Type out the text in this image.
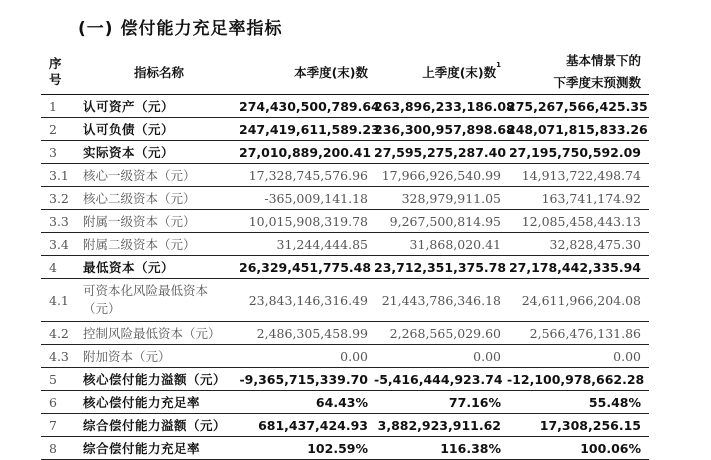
(一) 偿付能力充足率指标
序
号	指标名称	本季度(末)数	上季度(末)数$^1$	基本情景下的
下季度末预测数
1	认可资产（元）	274,430,500,789.64	263,896,233,186.08	275,267,566,425.35
2	认可负债（元）	247,419,611,589.23	236,300,957,898.68	248,071,815,833.26
3	实际资本（元）	27,010,889,200.41	27,595,275,287.40	27,195,750,592.09
3.1	核心一级资本（元）	17,328,745,576.96	17,966,926,540.99	14,913,722,498.74
3.2	核心二级资本（元）	-365,009,141.18	328,979,911.05	163,741,174.92
3.3	附属一级资本（元）	10,015,908,319.78	9,267,500,814.95	12,085,458,443.13
3.4	附属二级资本（元）	31,244,444.85	31,868,020.41	32,828,475.30
4	最低资本（元）	26,329,451,775.48	23,712,351,375.78	27,178,442,335.94
4.1	可资本化风险最低资本（元）	23,843,146,316.49	21,443,786,346.18	24,611,966,204.08
4.2	控制风险最低资本（元）	2,486,305,458.99	2,268,565,029.60	2,566,476,131.86
4.3	附加资本（元）	0.00	0.00	0.00
5	核心偿付能力溢额（元）	-9,365,715,339.70	-5,416,444,923.74	-12,100,978,662.28
6	核心偿付能力充足率	64.43%	77.16%	55.48%
7	综合偿付能力溢额（元）	681,437,424.93	3,882,923,911.62	17,308,256.15
8	综合偿付能力充足率	102.59%	116.38%	100.06%
